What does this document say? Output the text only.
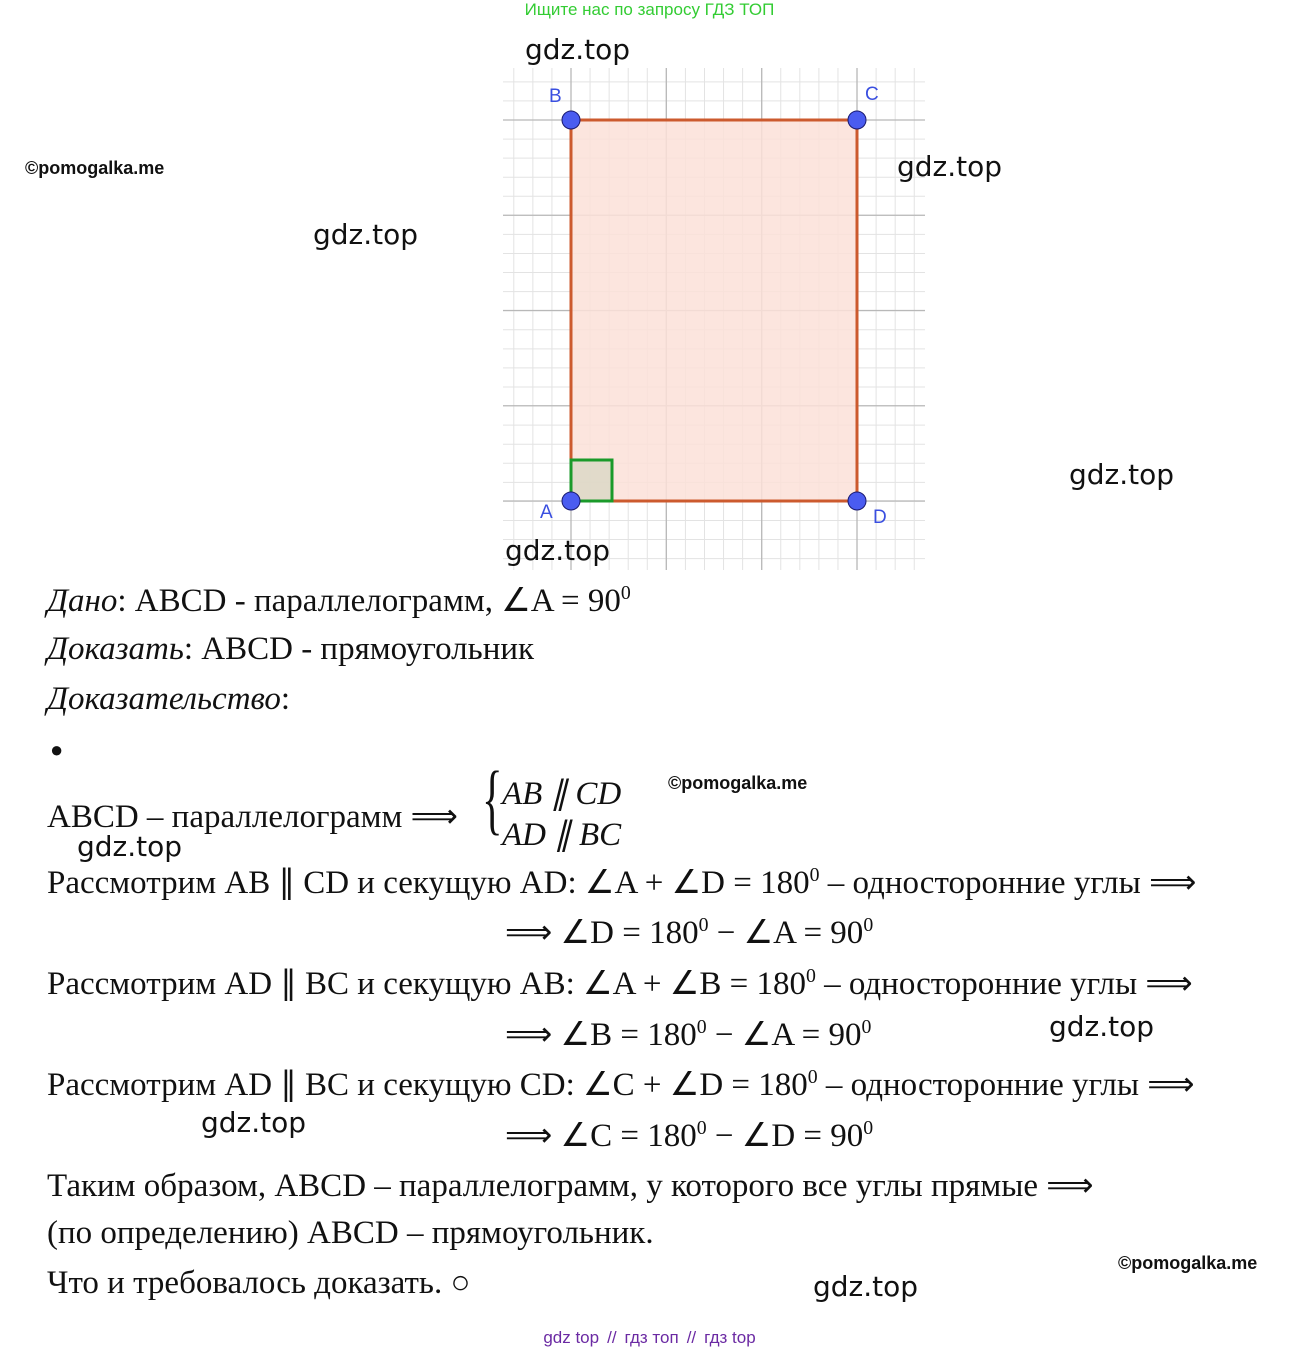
Ищите нас по запросу ГДЗ ТОП
B	C
A	D
gdz.top
gdz.top
gdz.top
gdz.top
gdz.top
gdz.top
gdz.top
gdz.top
gdz.top
©pomogalka.me
©pomogalka.me
©pomogalka.me
Дано: ABCD - параллелограмм, ∠A = $90^0$
Доказать: ABCD - прямоугольник
Доказательство:
●
ABCD – параллелограмм ⟹ { AB ∥ CD
AD ∥ BC
Рассмотрим AB ∥ CD и секущую AD: ∠A + ∠D = $180^0$ – односторонние углы ⟹
⟹ ∠D = $180^0$ − ∠A = $90^0$
Рассмотрим AD ∥ BC и секущую AB: ∠A + ∠B = $180^0$ – односторонние углы ⟹
⟹ ∠B = $180^0$ − ∠A = $90^0$
Рассмотрим AD ∥ BC и секущую CD: ∠C + ∠D = $180^0$ – односторонние углы ⟹
⟹ ∠C = $180^0$ − ∠D = $90^0$
Таким образом, ABCD – параллелограмм, у которого все углы прямые ⟹
(по определению) ABCD – прямоугольник.
Что и требовалось доказать. ○
gdz top // гдз топ // гдз top
